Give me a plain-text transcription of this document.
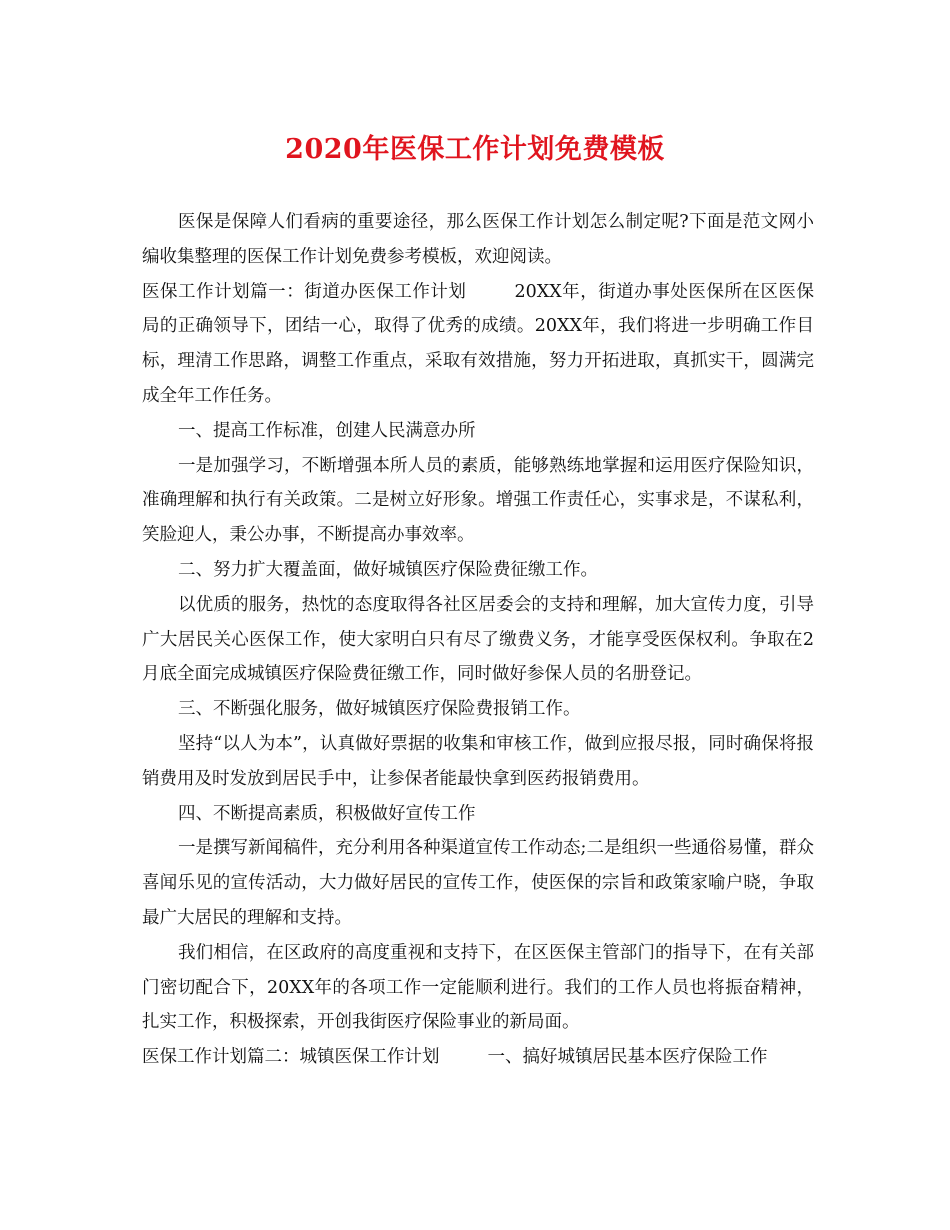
2020年医保工作计划免费模板

医保是保障人们看病的重要途径，那么医保工作计划怎么制定呢?下面是范文网小编收集整理的医保工作计划免费参考模板，欢迎阅读。

医保工作计划篇一：街道办医保工作计划	20XX年，街道办事处医保所在区医保局的正确领导下，团结一心，取得了优秀的成绩。20XX年，我们将进一步明确工作目标，理清工作思路，调整工作重点，采取有效措施，努力开拓进取，真抓实干，圆满完成全年工作任务。

一、提高工作标准，创建人民满意办所

一是加强学习，不断增强本所人员的素质，能够熟练地掌握和运用医疗保险知识，准确理解和执行有关政策。二是树立好形象。增强工作责任心，实事求是，不谋私利，笑脸迎人，秉公办事，不断提高办事效率。

二、努力扩大覆盖面，做好城镇医疗保险费征缴工作。

以优质的服务，热忱的态度取得各社区居委会的支持和理解，加大宣传力度，引导广大居民关心医保工作，使大家明白只有尽了缴费义务，才能享受医保权利。争取在2月底全面完成城镇医疗保险费征缴工作，同时做好参保人员的名册登记。

三、不断强化服务，做好城镇医疗保险费报销工作。

坚持“以人为本”，认真做好票据的收集和审核工作，做到应报尽报，同时确保将报销费用及时发放到居民手中，让参保者能最快拿到医药报销费用。

四、不断提高素质，积极做好宣传工作

一是撰写新闻稿件，充分利用各种渠道宣传工作动态;二是组织一些通俗易懂，群众喜闻乐见的宣传活动，大力做好居民的宣传工作，使医保的宗旨和政策家喻户晓，争取最广大居民的理解和支持。

我们相信，在区政府的高度重视和支持下，在区医保主管部门的指导下，在有关部门密切配合下，20XX年的各项工作一定能顺利进行。我们的工作人员也将振奋精神，扎实工作，积极探索，开创我街医疗保险事业的新局面。

医保工作计划篇二：城镇医保工作计划	一、搞好城镇居民基本医疗保险工作
